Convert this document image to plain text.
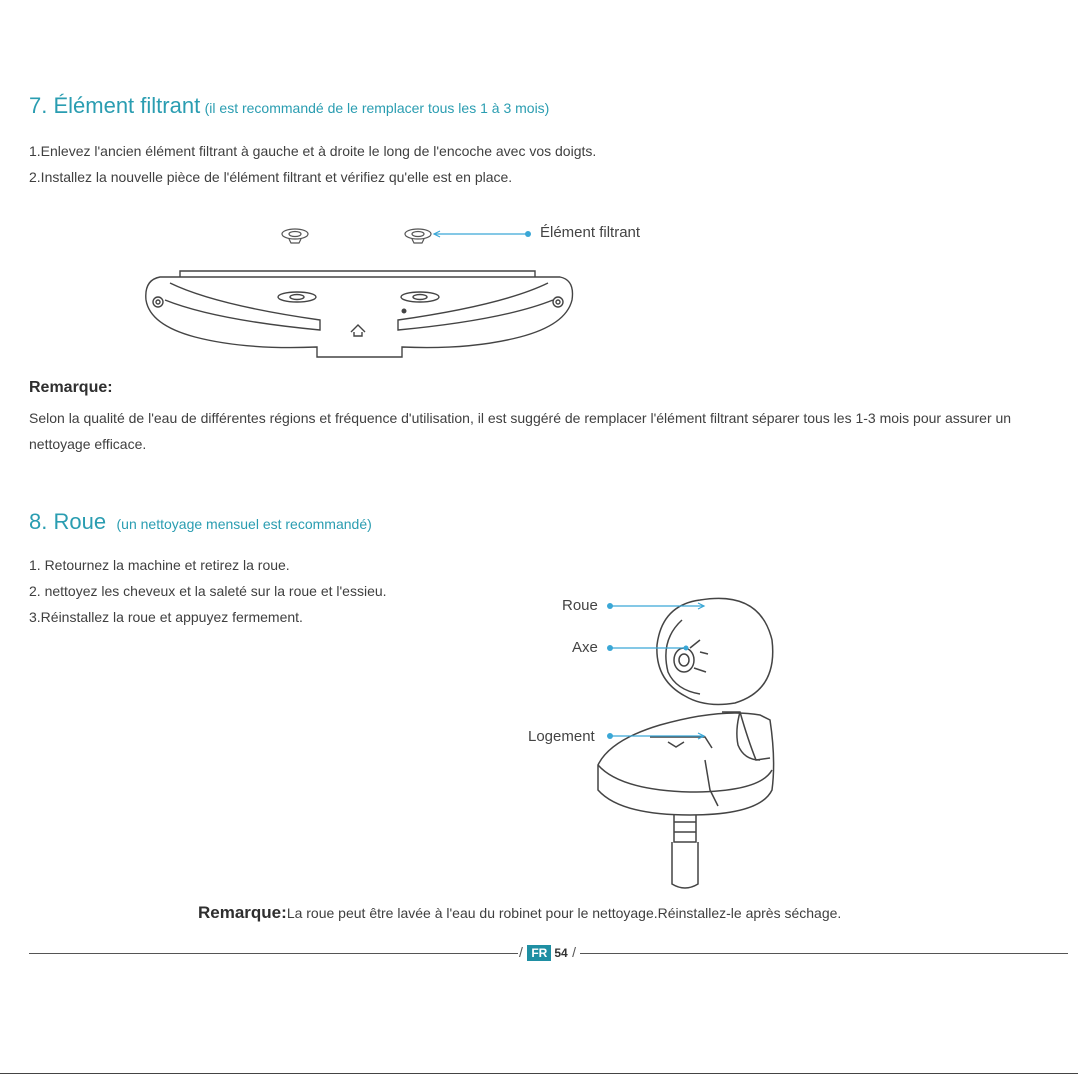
7. Élément filtrant (il est recommandé de le remplacer tous les 1 à 3 mois)
1.Enlevez l'ancien élément filtrant à gauche et à droite le long de l'encoche avec vos doigts.
2.Installez la nouvelle pièce de l'élément filtrant et vérifiez qu'elle est en place.
Élément filtrant
Remarque:
Selon la qualité de l'eau de différentes régions et fréquence d'utilisation, il est suggéré de remplacer l'élément filtrant séparer tous les 1-3 mois pour assurer un nettoyage efficace.
8. Roue (un nettoyage mensuel est recommandé)
1. Retournez la machine et retirez la roue.
2. nettoyez les cheveux et la saleté sur la roue et l'essieu.
3.Réinstallez la roue et appuyez fermement.
Roue
Axe
Logement
Remarque:La roue peut être lavée à l'eau du robinet pour le nettoyage.Réinstallez-le après séchage.
/ FR 54 /
